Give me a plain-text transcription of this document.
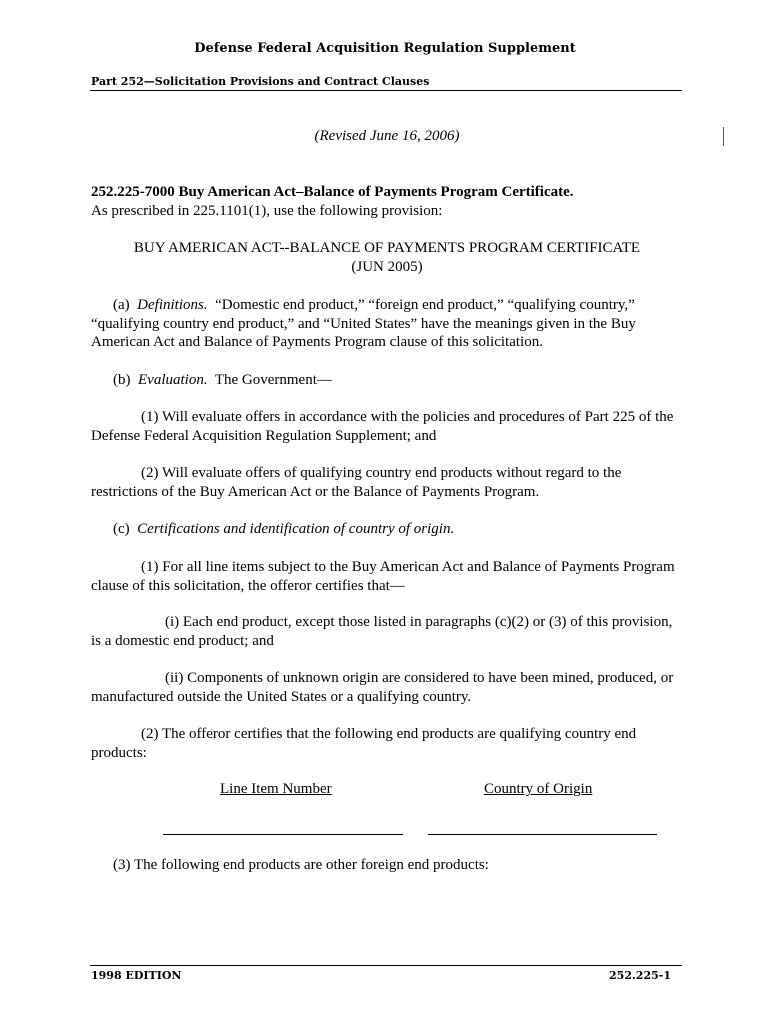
Defense Federal Acquisition Regulation Supplement
Part 252—Solicitation Provisions and Contract Clauses
(Revised June 16, 2006)
252.225-7000 Buy American Act–Balance of Payments Program Certificate.
As prescribed in 225.1101(1), use the following provision:
BUY AMERICAN ACT--BALANCE OF PAYMENTS PROGRAM CERTIFICATE
(JUN 2005)
(a) Definitions. “Domestic end product,” “foreign end product,” “qualifying country,” “qualifying country end product,” and “United States” have the meanings given in the Buy American Act and Balance of Payments Program clause of this solicitation.
(b) Evaluation. The Government—
(1) Will evaluate offers in accordance with the policies and procedures of Part 225 of the Defense Federal Acquisition Regulation Supplement; and
(2) Will evaluate offers of qualifying country end products without regard to the restrictions of the Buy American Act or the Balance of Payments Program.
(c) Certifications and identification of country of origin.
(1) For all line items subject to the Buy American Act and Balance of Payments Program clause of this solicitation, the offeror certifies that—
(i) Each end product, except those listed in paragraphs (c)(2) or (3) of this provision, is a domestic end product; and
(ii) Components of unknown origin are considered to have been mined, produced, or manufactured outside the United States or a qualifying country.
(2) The offeror certifies that the following end products are qualifying country end products:
Line Item Number	Country of Origin
(3) The following end products are other foreign end products:
1998 EDITION	252.225-1
